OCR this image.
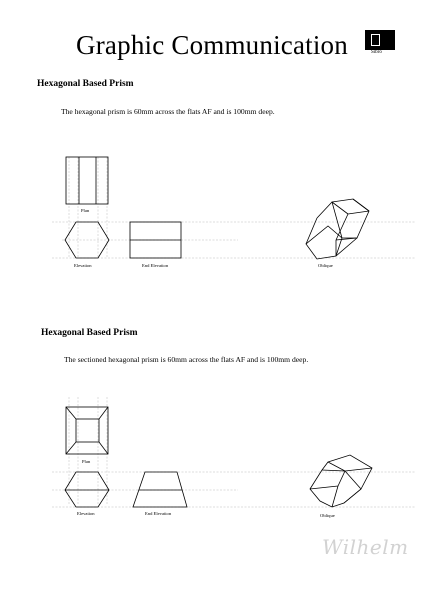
Graphic Communication	Sibro
Hexagonal Based Prism
The hexagonal prism is 60mm across the flats AF and is 100mm deep.
Plan
Elevation	End Elevation	Oblique
Hexagonal Based Prism
The sectioned hexagonal prism is 60mm across the flats AF and is 100mm deep.
Plan
Elevation	End Elevation	Oblique
Wilhelm
